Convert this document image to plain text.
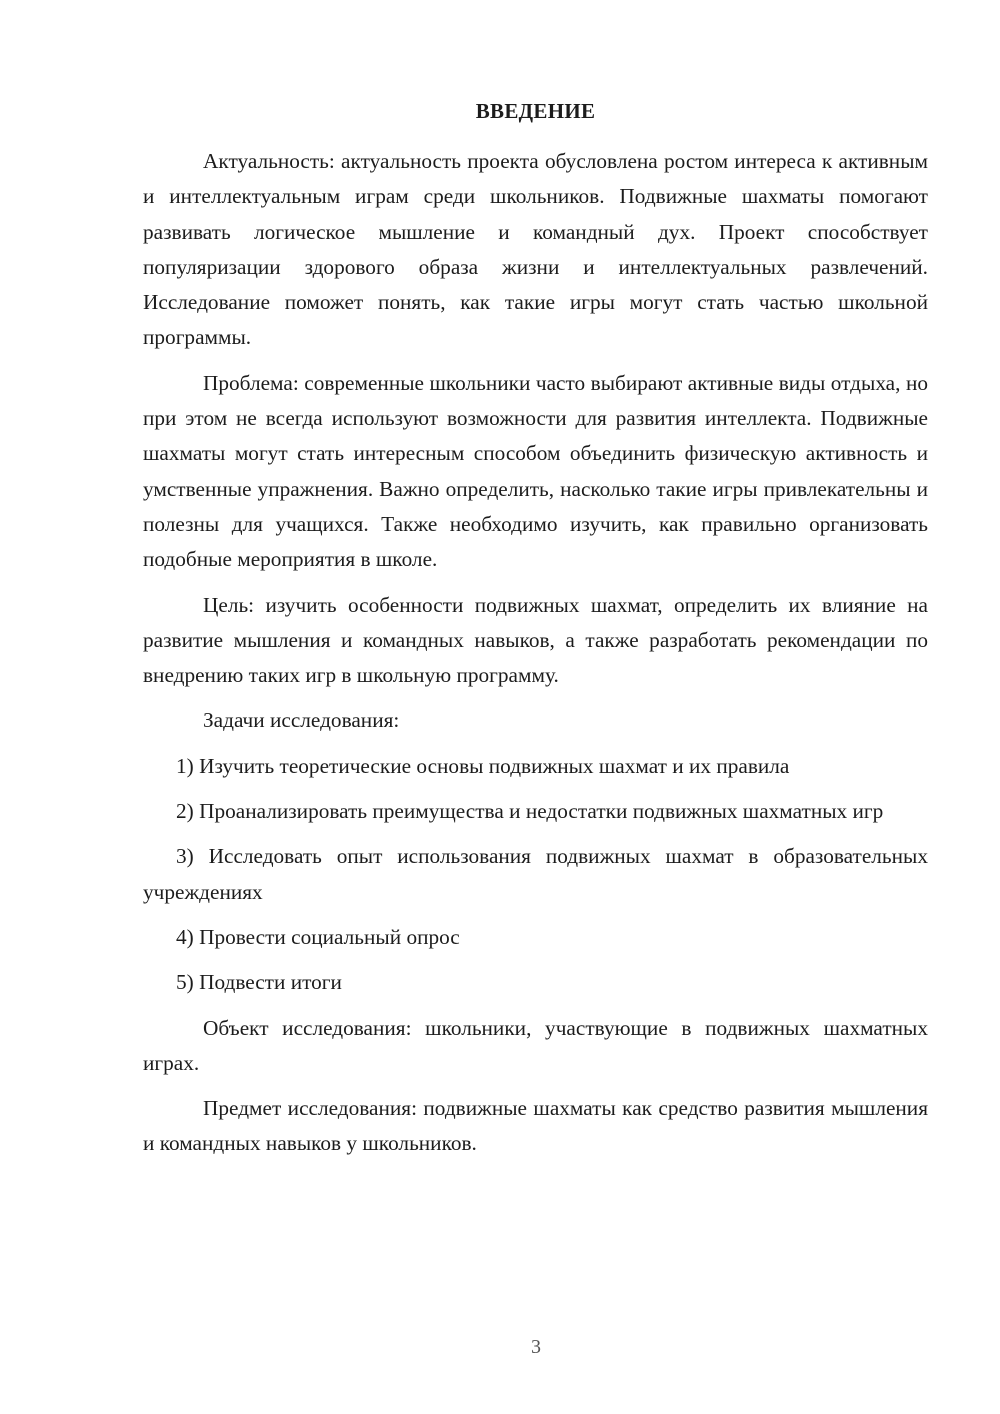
ВВЕДЕНИЕ

Актуальность: актуальность проекта обусловлена ростом интереса к активным и интеллектуальным играм среди школьников. Подвижные шахматы помогают развивать логическое мышление и командный дух. Проект способствует популяризации здорового образа жизни и интеллектуальных развлечений. Исследование поможет понять, как такие игры могут стать частью школьной программы.

Проблема: современные школьники часто выбирают активные виды отдыха, но при этом не всегда используют возможности для развития интеллекта. Подвижные шахматы могут стать интересным способом объединить физическую активность и умственные упражнения. Важно определить, насколько такие игры привлекательны и полезны для учащихся. Также необходимо изучить, как правильно организовать подобные мероприятия в школе.

Цель: изучить особенности подвижных шахмат, определить их влияние на развитие мышления и командных навыков, а также разработать рекомендации по внедрению таких игр в школьную программу.

Задачи исследования:

1) Изучить теоретические основы подвижных шахмат и их правила

2) Проанализировать преимущества и недостатки подвижных шахматных игр

3) Исследовать опыт использования подвижных шахмат в образовательных учреждениях

4) Провести социальный опрос

5) Подвести итоги

Объект исследования: школьники, участвующие в подвижных шахматных играх.

Предмет исследования: подвижные шахматы как средство развития мышления и командных навыков у школьников.

3
